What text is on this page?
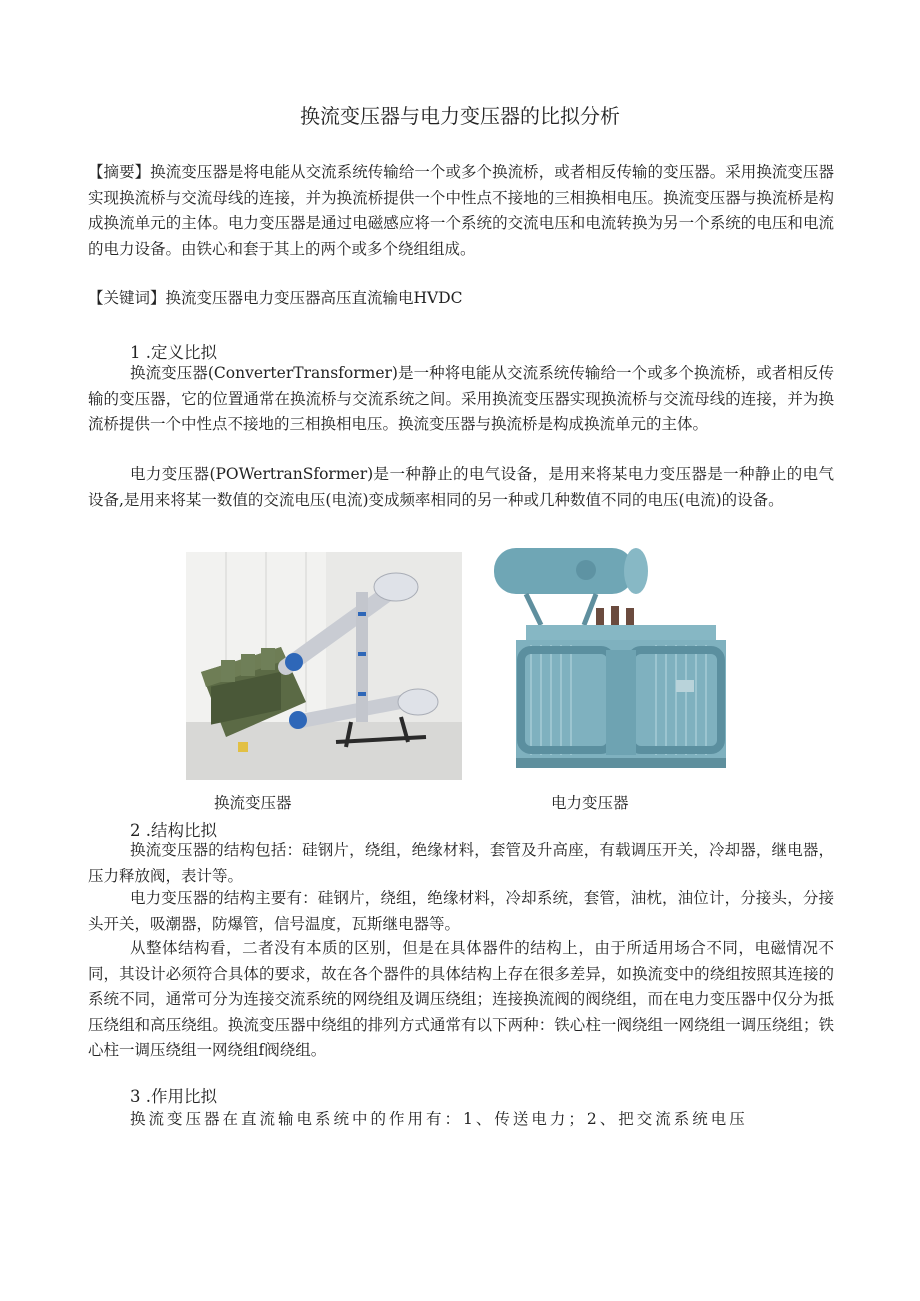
换流变压器与电力变压器的比拟分析

【摘要】换流变压器是将电能从交流系统传输给一个或多个换流桥，或者相反传输的变压器。采用换流变压器实现换流桥与交流母线的连接，并为换流桥提供一个中性点不接地的三相换相电压。换流变压器与换流桥是构成换流单元的主体。电力变压器是通过电磁感应将一个系统的交流电压和电流转换为另一个系统的电压和电流的电力设备。由铁心和套于其上的两个或多个绕组组成。

【关键词】换流变压器电力变压器高压直流输电HVDC

1 .定义比拟

换流变压器(ConverterTransformer)是一种将电能从交流系统传输给一个或多个换流桥，或者相反传输的变压器，它的位置通常在换流桥与交流系统之间。采用换流变压器实现换流桥与交流母线的连接，并为换流桥提供一个中性点不接地的三相换相电压。换流变压器与换流桥是构成换流单元的主体。

电力变压器(POWertranSformer)是一种静止的电气设备，是用来将某电力变压器是一种静止的电气设备,是用来将某一数值的交流电压(电流)变成频率相同的另一种或几种数值不同的电压(电流)的设备。

换流变压器	电力变压器
2 .结构比拟

换流变压器的结构包括：硅钢片，绕组，绝缘材料，套管及升高座，有载调压开关，冷却器，继电器，压力释放阀，表计等。

电力变压器的结构主要有：硅钢片，绕组，绝缘材料，冷却系统，套管，油枕，油位计，分接头，分接头开关，吸潮器，防爆管，信号温度，瓦斯继电器等。

从整体结构看，二者没有本质的区别，但是在具体器件的结构上，由于所适用场合不同，电磁情况不同，其设计必须符合具体的要求，故在各个器件的具体结构上存在很多差异，如换流变中的绕组按照其连接的系统不同，通常可分为连接交流系统的网绕组及调压绕组；连接换流阀的阀绕组，而在电力变压器中仅分为抵压绕组和高压绕组。换流变压器中绕组的排列方式通常有以下两种：铁心柱一阀绕组一网绕组一调压绕组；铁心柱一调压绕组一网绕组f阀绕组。

3 .作用比拟

换流变压器在直流输电系统中的作用有：1、传送电力；2、把交流系统电压
